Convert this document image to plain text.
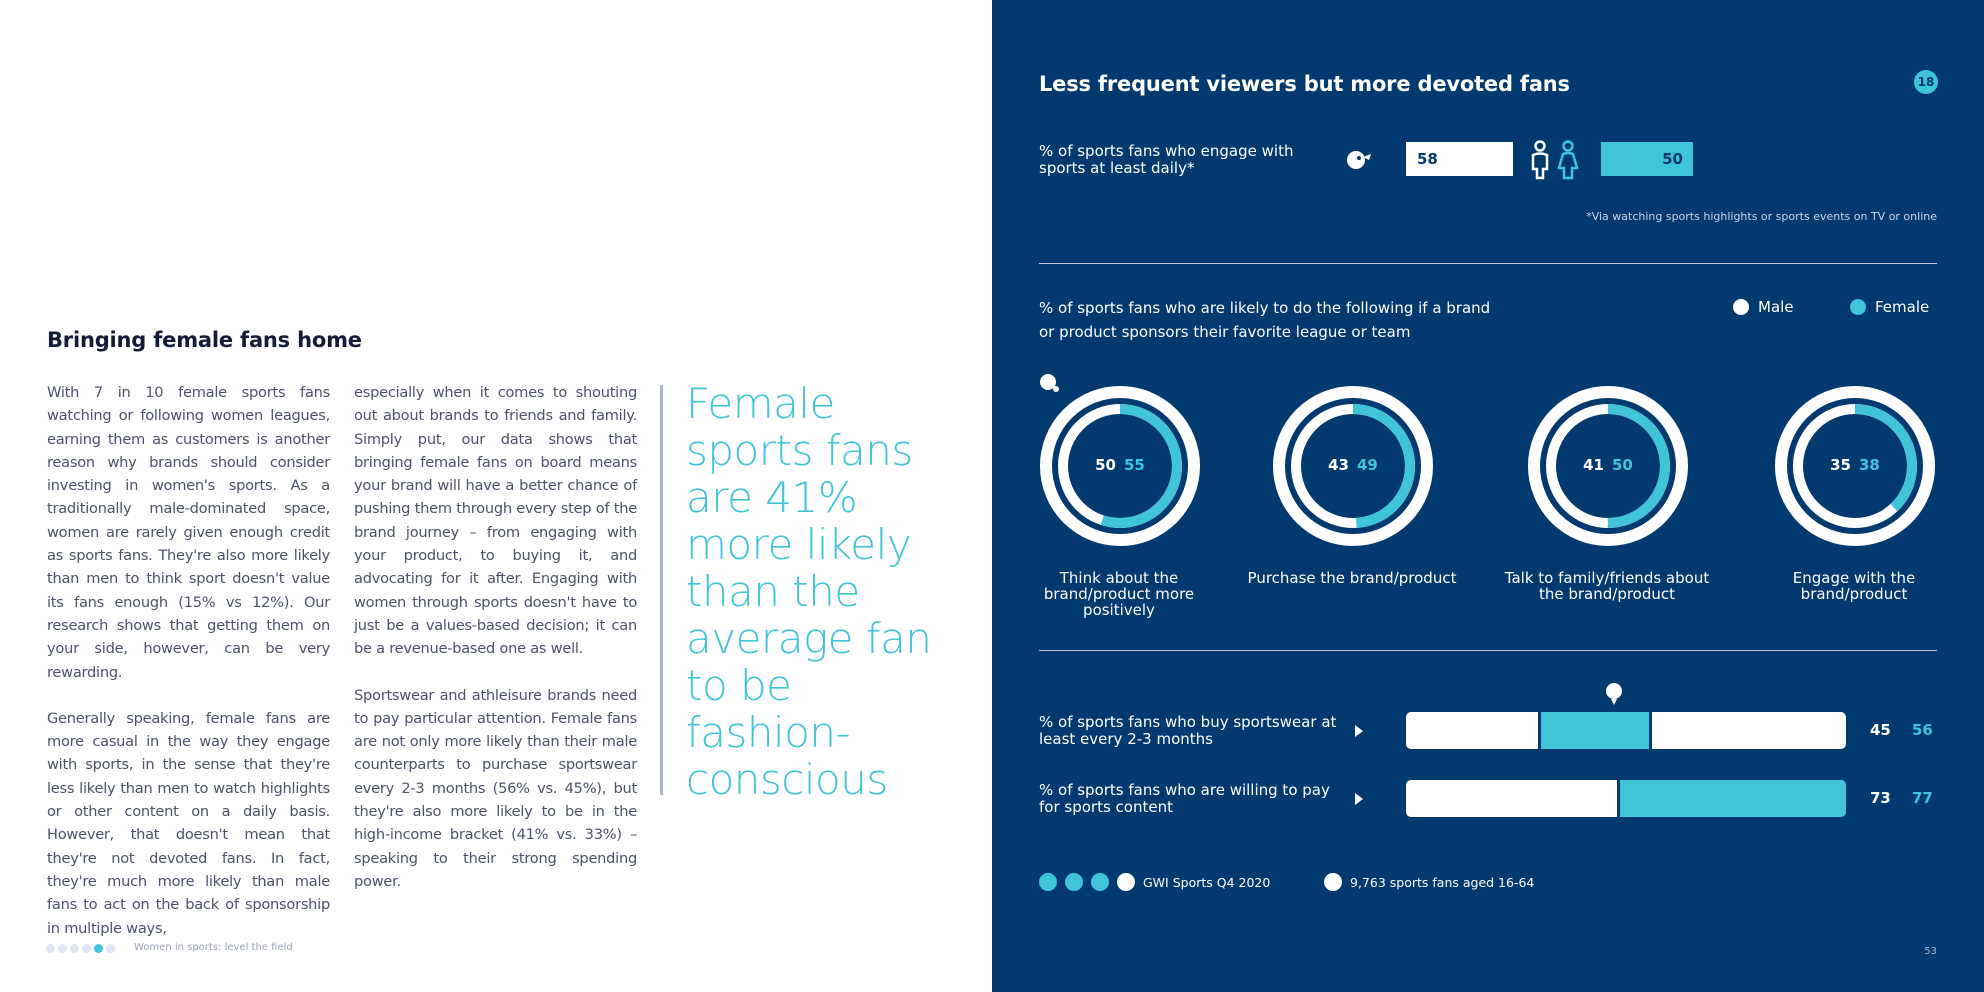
Bringing female fans home

With 7 in 10 female sports fans watching or following women leagues, earning them as customers is another reason why brands should consider investing in women's sports. As a traditionally male-dominated space, women are rarely given enough credit as sports fans. They're also more likely than men to think sport doesn't value its fans enough (15% vs 12%). Our research shows that getting them on your side, however, can be very rewarding.

Generally speaking, female fans are more casual in the way they engage with sports, in the sense that they're less likely than men to watch highlights or other content on a daily basis. However, that doesn't mean that they're not devoted fans. In fact, they're much more likely than male fans to act on the back of sponsorship in multiple ways,

especially when it comes to shouting out about brands to friends and family. Simply put, our data shows that bringing female fans on board means your brand will have a better chance of pushing them through every step of the brand journey – from engaging with your product, to buying it, and advocating for it after. Engaging with women through sports doesn't have to just be a values-based decision; it can be a revenue-based one as well.

Sportswear and athleisure brands need to pay particular attention. Female fans are not only more likely than their male counterparts to purchase sportswear every 2-3 months (56% vs. 45%), but they're also more likely to be in the high-income bracket (41% vs. 33%) – speaking to their strong spending power.

Female sports fans are 41% more likely than the average fan to be fashion-conscious
Women in sports: level the field
Less frequent viewers but more devoted fans	18
% of sports fans who engage with sports at least daily*	58	50
*Via watching sports highlights or sports events on TV or online
% of sports fans who are likely to do the following if a brand or product sponsors their favorite league or team
Male	Female
50 55
Think about the brand/product more positively
43 49
Purchase the brand/product
41 50
Talk to family/friends about the brand/product
35 38
Engage with the brand/product
% of sports fans who buy sportswear at least every 2-3 months	45 56
% of sports fans who are willing to pay for sports content	73 77
GWI Sports Q4 2020	9,763 sports fans aged 16-64
53
